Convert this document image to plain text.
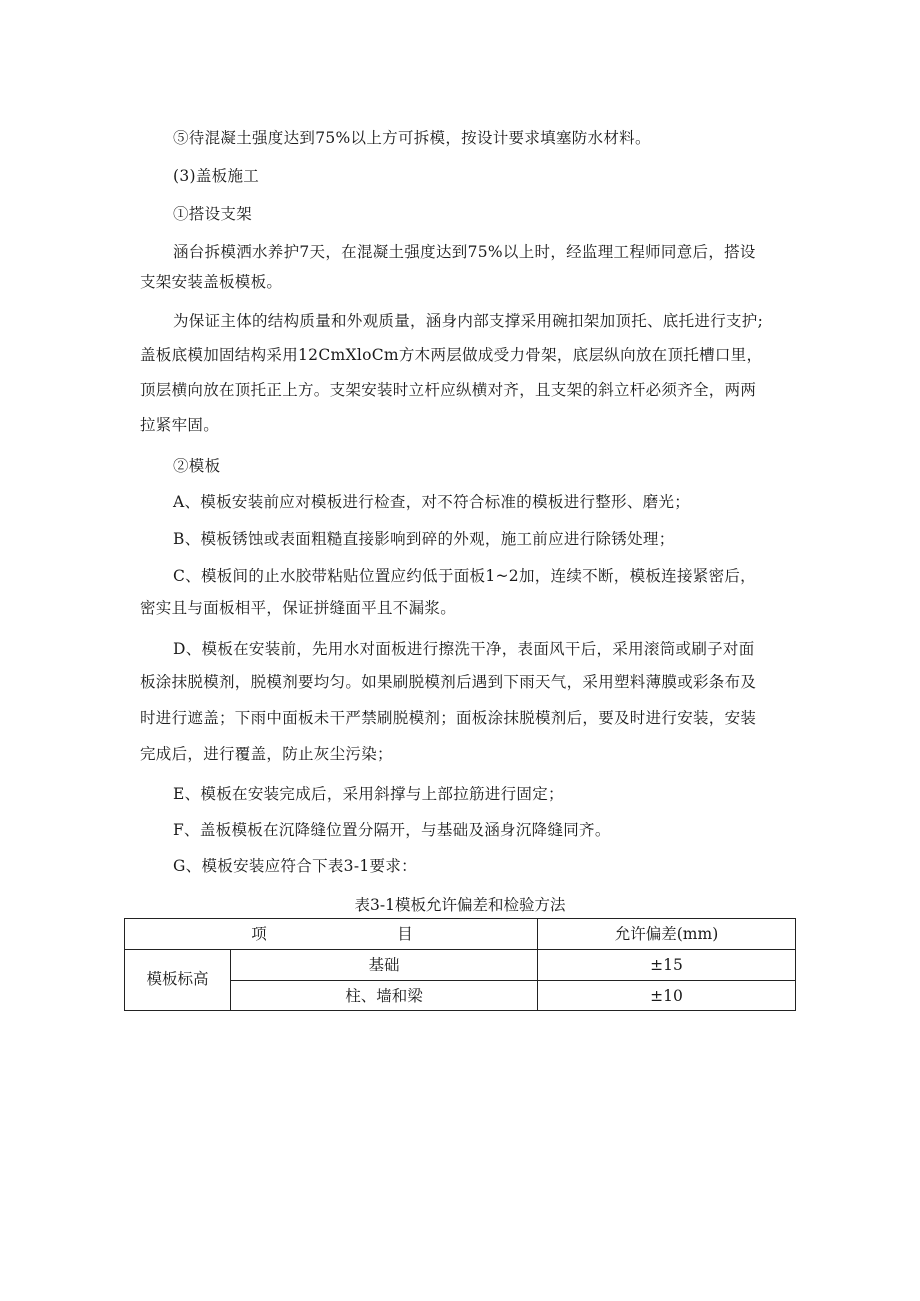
⑤待混凝土强度达到75%以上方可拆模，按设计要求填塞防水材料。
(3)盖板施工
①搭设支架
涵台拆模洒水养护7天，在混凝土强度达到75%以上时，经监理工程师同意后，搭设
支架安装盖板模板。
为保证主体的结构质量和外观质量，涵身内部支撑采用碗扣架加顶托、底托进行支护;
盖板底模加固结构采用12CmXloCm方木两层做成受力骨架，底层纵向放在顶托槽口里，
顶层横向放在顶托正上方。支架安装时立杆应纵横对齐，且支架的斜立杆必须齐全，两两
拉紧牢固。
②模板
A、模板安装前应对模板进行检查，对不符合标准的模板进行整形、磨光；
B、模板锈蚀或表面粗糙直接影响到碎的外观，施工前应进行除锈处理；
C、模板间的止水胶带粘贴位置应约低于面板1~2加，连续不断，模板连接紧密后，
密实且与面板相平，保证拼缝面平且不漏浆。
D、模板在安装前，先用水对面板进行擦洗干净，表面风干后，采用滚筒或刷子对面
板涂抹脱模剂，脱模剂要均匀。如果刷脱模剂后遇到下雨天气，采用塑料薄膜或彩条布及
时进行遮盖；下雨中面板未干严禁刷脱模剂；面板涂抹脱模剂后，要及时进行安装，安装
完成后，进行覆盖，防止灰尘污染；
E、模板在安装完成后，采用斜撑与上部拉筋进行固定；
F、盖板模板在沉降缝位置分隔开，与基础及涵身沉降缝同齐。
G、模板安装应符合下表3-1要求：
表3-1模板允许偏差和检验方法
项	目	允许偏差(mm)
模板标高
基础	±15
柱、墙和梁	±10
